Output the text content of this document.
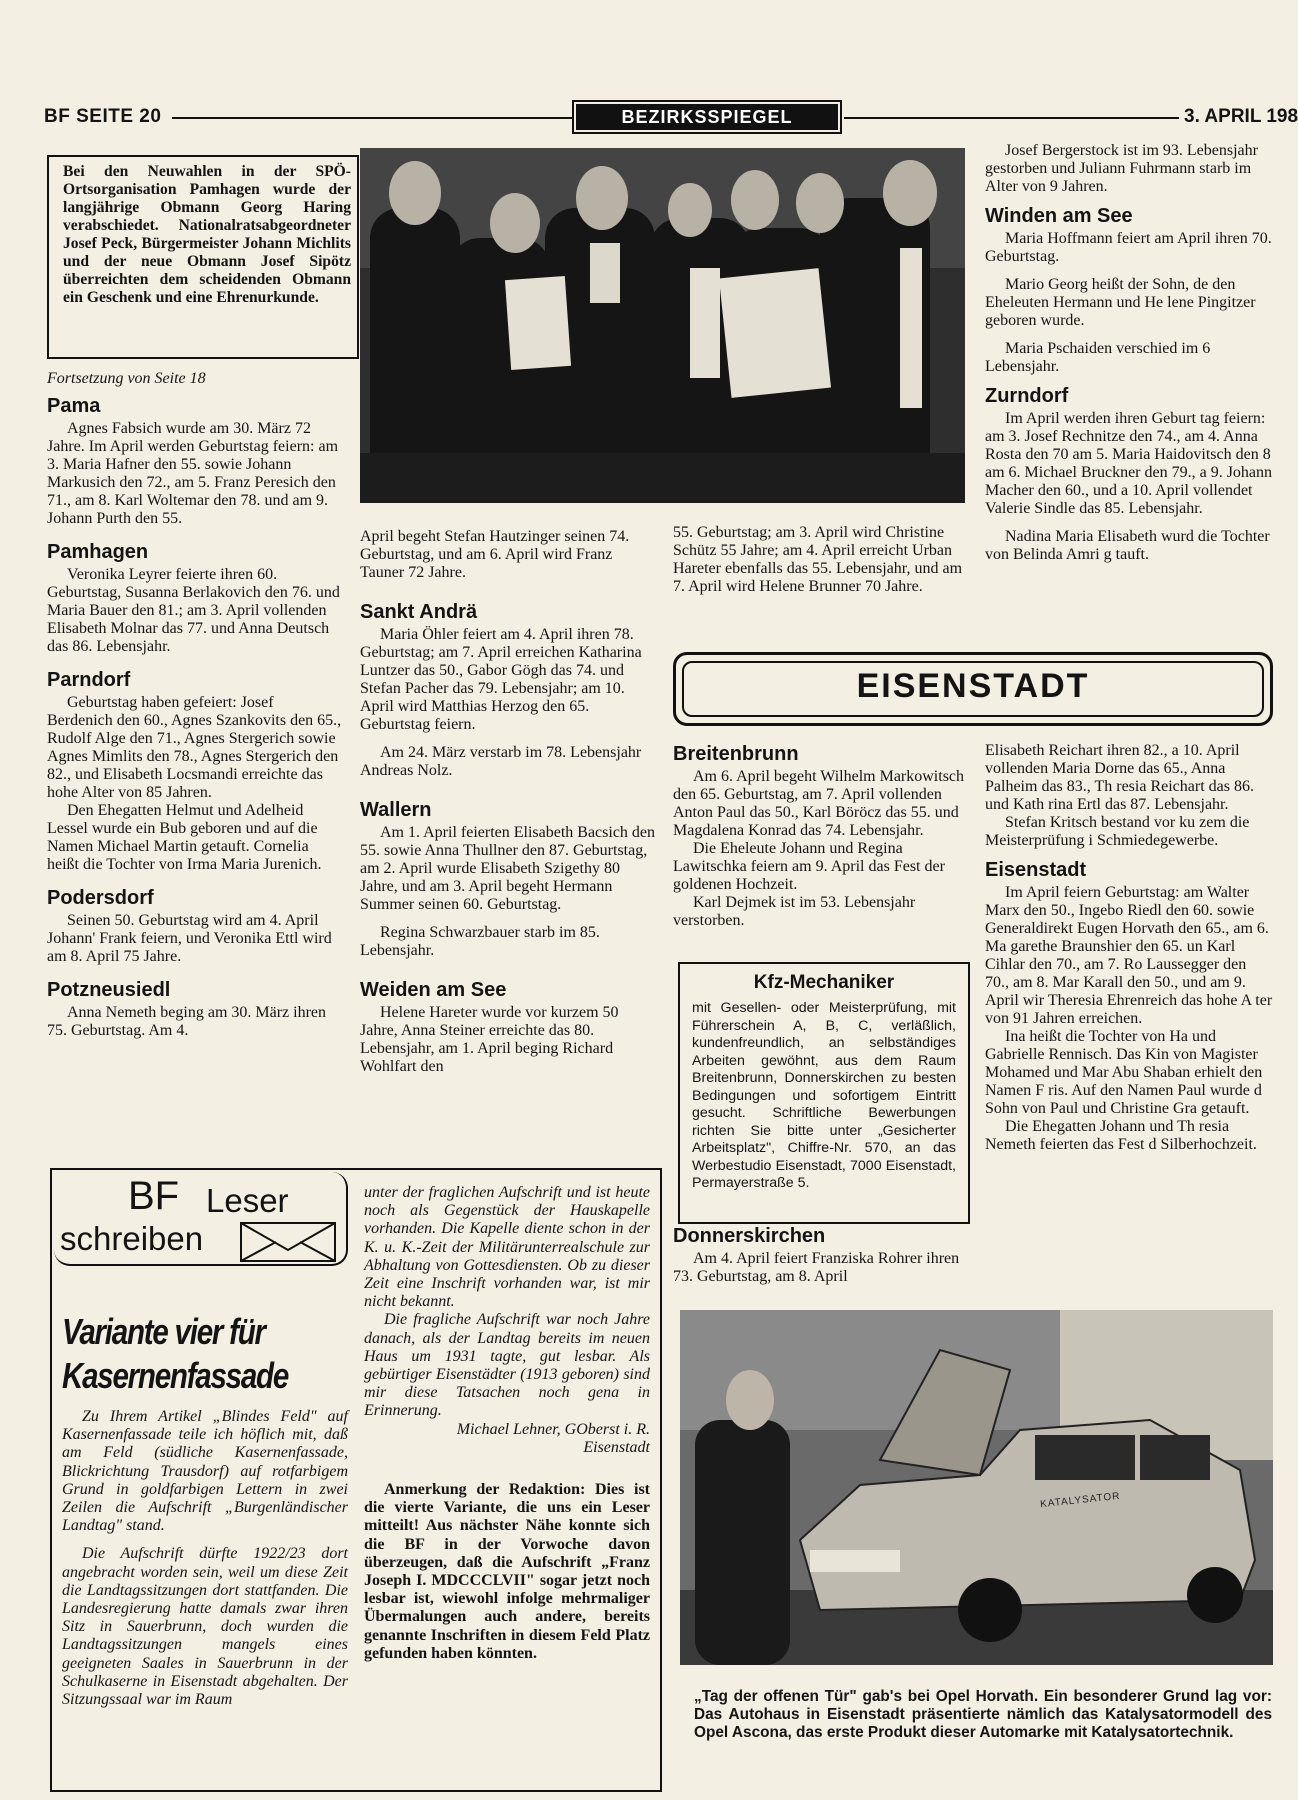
BF SEITE 20	BEZIRKSSPIEGEL	3. APRIL 198
Bei den Neuwahlen in der SPÖ-Ortsorganisation Pamhagen wurde der langjährige Obmann Georg Haring verabschiedet. Nationalratsabgeordneter Josef Peck, Bürgermeister Johann Michlits und der neue Obmann Josef Sipötz überreichten dem scheidenden Obmann ein Geschenk und eine Ehrenurkunde.

Fortsetzung von Seite 18

Pama

Agnes Fabsich wurde am 30. März 72 Jahre. Im April werden Geburtstag feiern: am 3. Maria Hafner den 55. sowie Johann Markusich den 72., am 5. Franz Peresich den 71., am 8. Karl Woltemar den 78. und am 9. Johann Purth den 55.

Pamhagen

Veronika Leyrer feierte ihren 60. Geburtstag, Susanna Berlakovich den 76. und Maria Bauer den 81.; am 3. April vollenden Elisabeth Molnar das 77. und Anna Deutsch das 86. Lebensjahr.

Parndorf

Geburtstag haben gefeiert: Josef Berdenich den 60., Agnes Szankovits den 65., Rudolf Alge den 71., Agnes Stergerich sowie Agnes Mimlits den 78., Agnes Stergerich den 82., und Elisabeth Locsmandi erreichte das hohe Alter von 85 Jahren.

Den Ehegatten Helmut und Adelheid Lessel wurde ein Bub geboren und auf die Namen Michael Martin getauft. Cornelia heißt die Tochter von Irma Maria Jurenich.

Podersdorf

Seinen 50. Geburtstag wird am 4. April Johann' Frank feiern, und Veronika Ettl wird am 8. April 75 Jahre.

Potzneusiedl

Anna Nemeth beging am 30. März ihren 75. Geburtstag. Am 4.

April begeht Stefan Hautzinger seinen 74. Geburtstag, und am 6. April wird Franz Tauner 72 Jahre.

Sankt Andrä

Maria Öhler feiert am 4. April ihren 78. Geburtstag; am 7. April erreichen Katharina Luntzer das 50., Gabor Gögh das 74. und Stefan Pacher das 79. Lebensjahr; am 10. April wird Matthias Herzog den 65. Geburtstag feiern.

Am 24. März verstarb im 78. Lebensjahr Andreas Nolz.

Wallern

Am 1. April feierten Elisabeth Bacsich den 55. sowie Anna Thullner den 87. Geburtstag, am 2. April wurde Elisabeth Szigethy 80 Jahre, und am 3. April begeht Hermann Summer seinen 60. Geburtstag.

Regina Schwarzbauer starb im 85. Lebensjahr.

Weiden am See

Helene Hareter wurde vor kurzem 50 Jahre, Anna Steiner erreichte das 80. Lebensjahr, am 1. April beging Richard Wohlfart den

55. Geburtstag; am 3. April wird Christine Schütz 55 Jahre; am 4. April erreicht Urban Hareter ebenfalls das 55. Lebensjahr, und am 7. April wird Helene Brunner 70 Jahre.

Josef Bergerstock ist im 93. Lebensjahr gestorben und Juliann Fuhrmann starb im Alter von 9 Jahren.

Winden am See

Maria Hoffmann feiert am April ihren 70. Geburtstag.

Mario Georg heißt der Sohn, de den Eheleuten Hermann und He lene Pingitzer geboren wurde.

Maria Pschaiden verschied im 6 Lebensjahr.

Zurndorf

Im April werden ihren Geburt tag feiern: am 3. Josef Rechnitze den 74., am 4. Anna Rosta den 70 am 5. Maria Haidovitsch den 8 am 6. Michael Bruckner den 79., a 9. Johann Macher den 60., und a 10. April vollendet Valerie Sindle das 85. Lebensjahr.

Nadina Maria Elisabeth wurd die Tochter von Belinda Amri g tauft.

EISENSTADT
Breitenbrunn

Am 6. April begeht Wilhelm Markowitsch den 65. Geburtstag, am 7. April vollenden Anton Paul das 50., Karl Böröcz das 55. und Magdalena Konrad das 74. Lebensjahr.

Die Eheleute Johann und Regina Lawitschka feiern am 9. April das Fest der goldenen Hochzeit.

Karl Dejmek ist im 53. Lebensjahr verstorben.

Kfz-Mechaniker
mit Gesellen- oder Meisterprüfung, mit Führerschein A, B, C, verläßlich, kundenfreundlich, an selbständiges Arbeiten gewöhnt, aus dem Raum Breitenbrunn, Donnerskirchen zu besten Bedingungen und sofortigem Eintritt gesucht. Schriftliche Bewerbungen richten Sie bitte unter „Gesicherter Arbeitsplatz", Chiffre-Nr. 570, an das Werbestudio Eisenstadt, 7000 Eisenstadt, Permayerstraße 5.
Donnerskirchen

Am 4. April feiert Franziska Rohrer ihren 73. Geburtstag, am 8. April

Elisabeth Reichart ihren 82., a 10. April vollenden Maria Dorne das 65., Anna Palheim das 83., Th resia Reichart das 86. und Kath rina Ertl das 87. Lebensjahr.

Stefan Kritsch bestand vor ku zem die Meisterprüfung i Schmiedegewerbe.

Eisenstadt

Im April feiern Geburtstag: am Walter Marx den 50., Ingebo Riedl den 60. sowie Generaldirekt Eugen Horvath den 65., am 6. Ma garethe Braunshier den 65. un Karl Cihlar den 70., am 7. Ro Laussegger den 70., am 8. Mar Karall den 50., und am 9. April wir Theresia Ehrenreich das hohe A ter von 91 Jahren erreichen.

Ina heißt die Tochter von Ha und Gabrielle Rennisch. Das Kin von Magister Mohamed und Mar Abu Shaban erhielt den Namen F ris. Auf den Namen Paul wurde d Sohn von Paul und Christine Gra getauft.

Die Ehegatten Johann und Th resia Nemeth feierten das Fest d Silberhochzeit.

BF Leser
schreiben
Variante vier für Kasernenfassade

Zu Ihrem Artikel „Blindes Feld" auf Kasernenfassade teile ich höflich mit, daß am Feld (südliche Kasernenfassade, Blickrichtung Trausdorf) auf rotfarbigem Grund in goldfarbigen Lettern in zwei Zeilen die Aufschrift „Burgenländischer Landtag" stand.

Die Aufschrift dürfte 1922/23 dort angebracht worden sein, weil um diese Zeit die Landtagssitzungen dort stattfanden. Die Landesregierung hatte damals zwar ihren Sitz in Sauerbrunn, doch wurden die Landtagssitzungen mangels eines geeigneten Saales in Sauerbrunn in der Schulkaserne in Eisenstadt abgehalten. Der Sitzungssaal war im Raum

unter der fraglichen Aufschrift und ist heute noch als Gegenstück der Hauskapelle vorhanden. Die Kapelle diente schon in der K. u. K.-Zeit der Militärunterrealschule zur Abhaltung von Gottesdiensten. Ob zu dieser Zeit eine Inschrift vorhanden war, ist mir nicht bekannt.

Die fragliche Aufschrift war noch Jahre danach, als der Landtag bereits im neuen Haus um 1931 tagte, gut lesbar. Als gebürtiger Eisenstädter (1913 geboren) sind mir diese Tatsachen noch gena in Erinnerung.

Michael Lehner, GOberst i. R.

Eisenstadt

Anmerkung der Redaktion: Dies ist die vierte Variante, die uns ein Leser mitteilt! Aus nächster Nähe konnte sich die BF in der Vorwoche davon überzeugen, daß die Aufschrift „Franz Joseph I. MDCCCLVII" sogar jetzt noch lesbar ist, wiewohl infolge mehrmaliger Übermalungen auch andere, bereits genannte Inschriften in diesem Feld Platz gefunden haben könnten.

KATALYSATOR
„Tag der offenen Tür" gab's bei Opel Horvath. Ein besonderer Grund lag vor: Das Autohaus in Eisenstadt präsentierte nämlich das Katalysatormodell des Opel Ascona, das erste Produkt dieser Automarke mit Katalysatortechnik.
